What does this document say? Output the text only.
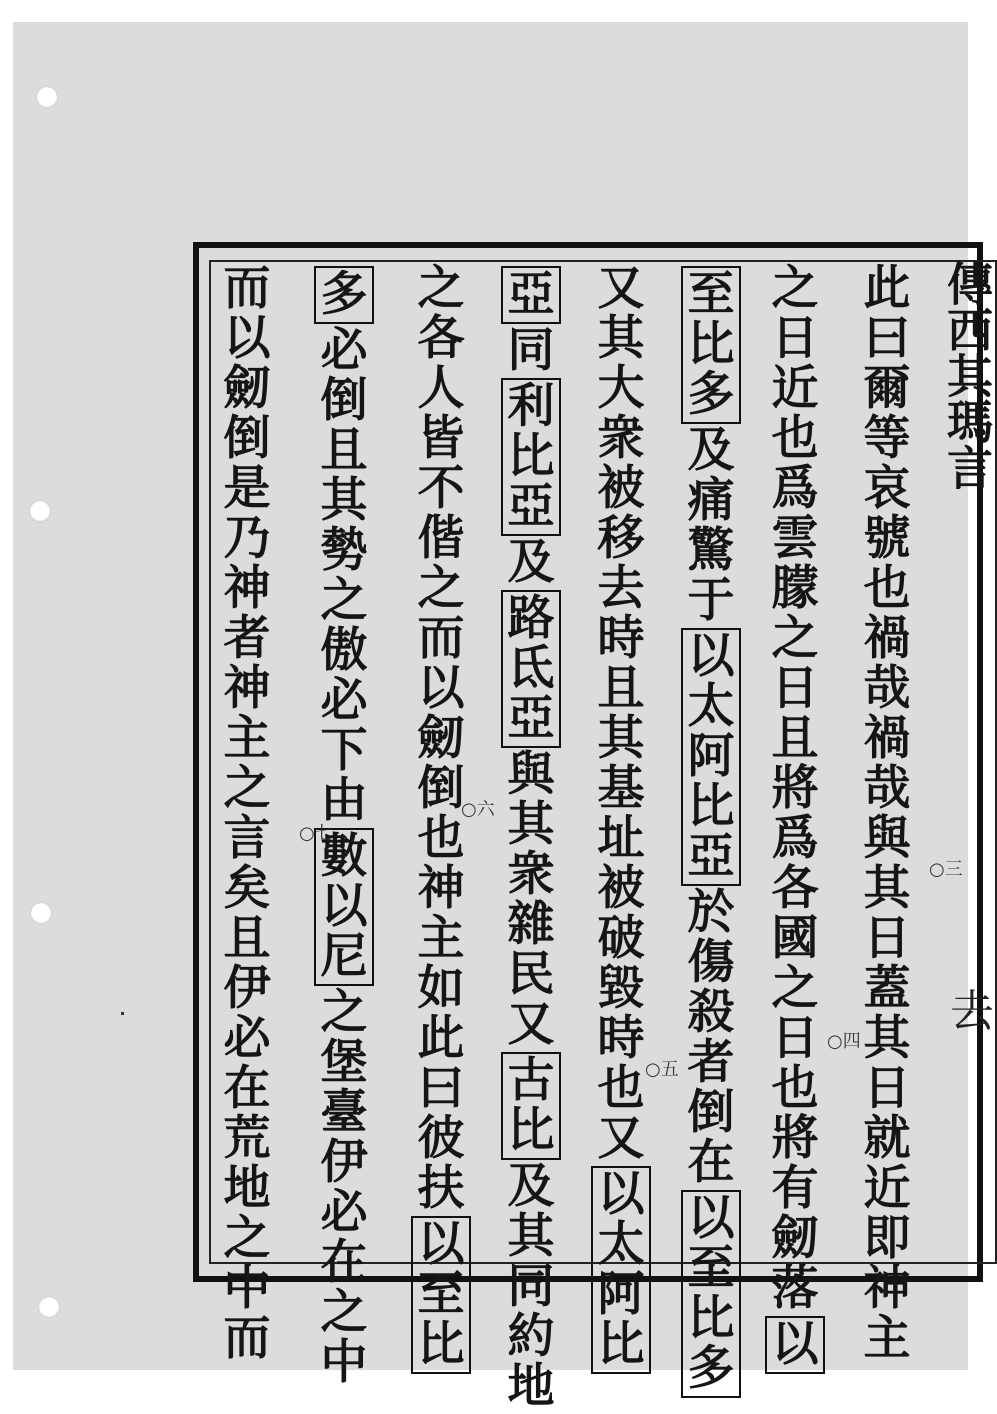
而
以
劒
倒
是
乃
神
者
神
主
之
言
矣
且
伊
必
在
荒
地
之
中
而
多
必
倒
且
其
勢
之
傲
必
下
由
數
以
尼
之
堡
臺
伊
必
在
之
中
之
各
人
皆
不
偕
之
而
以
劒
倒
也
神
主
如
此
曰
彼
扶
以
至
比
亞
同
利
比
亞
及
路
氐
亞
與
其
衆
雜
民
又
古
比
及
其
同
約
地
又
其
大
衆
被
移
去
時
且
其
基
址
被
破
毀
時
也
又
以
太
阿
比
至
比
多
及
痛
驚
于
以
太
阿
比
亞
於
傷
殺
者
倒
在
以
至
比
多
之
日
近
也
爲
雲
朦
之
日
且
將
爲
各
國
之
日
也
將
有
劒
落
以
此
曰
爾
等
哀
號
也
禍
哉
禍
哉
與
其
日
蓋
其
日
就
近
即
神
主
傳西其瑪言
○三
○四
○五
○六
○七
去
